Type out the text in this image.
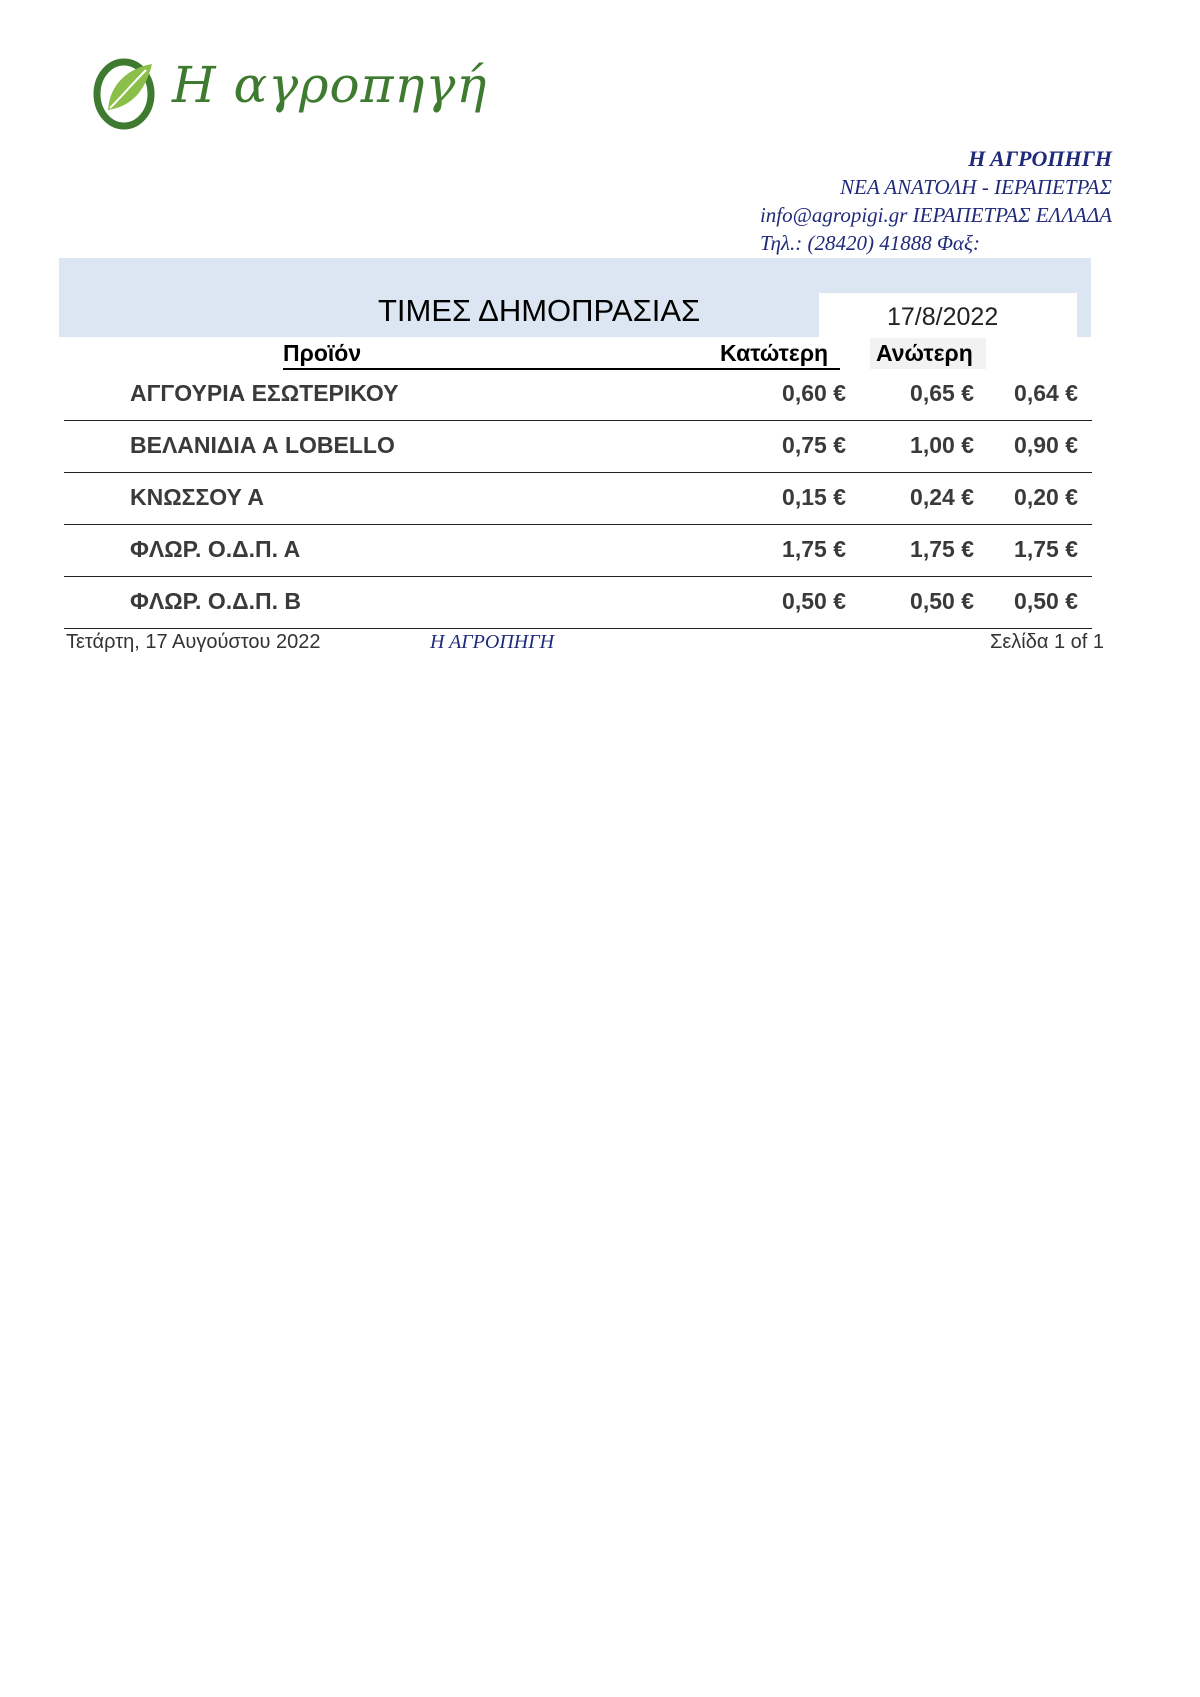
Η αγροπηγή
Η ΑΓΡΟΠΗΓΗ
ΝΕΑ ΑΝΑΤΟΛΗ - ΙΕΡΑΠΕΤΡΑΣ
info@agropigi.gr ΙΕΡΑΠΕΤΡΑΣ ΕΛΛΑΔΑ
Τηλ.: (28420) 41888 Φαξ:
ΤΙΜΕΣ ΔΗΜΟΠΡΑΣΙΑΣ	17/8/2022
Προϊόν	Κατώτερη	Ανώτερη
ΑΓΓΟΥΡΙΑ ΕΣΩΤΕΡΙΚΟΥ	0,60 €	0,65 € 0,64 €
ΒΕΛΑΝΙΔΙΑ Α LOBELLO	0,75 €	1,00 € 0,90 €
ΚΝΩΣΣΟΥ Α	0,15 €	0,24 € 0,20 €
ΦΛΩΡ. Ο.Δ.Π. Α	1,75 €	1,75 € 1,75 €
ΦΛΩΡ. Ο.Δ.Π. Β	0,50 €	0,50 € 0,50 €
Τετάρτη, 17 Αυγούστου 2022	Η ΑΓΡΟΠΗΓΗ	Σελίδα 1 of 1
